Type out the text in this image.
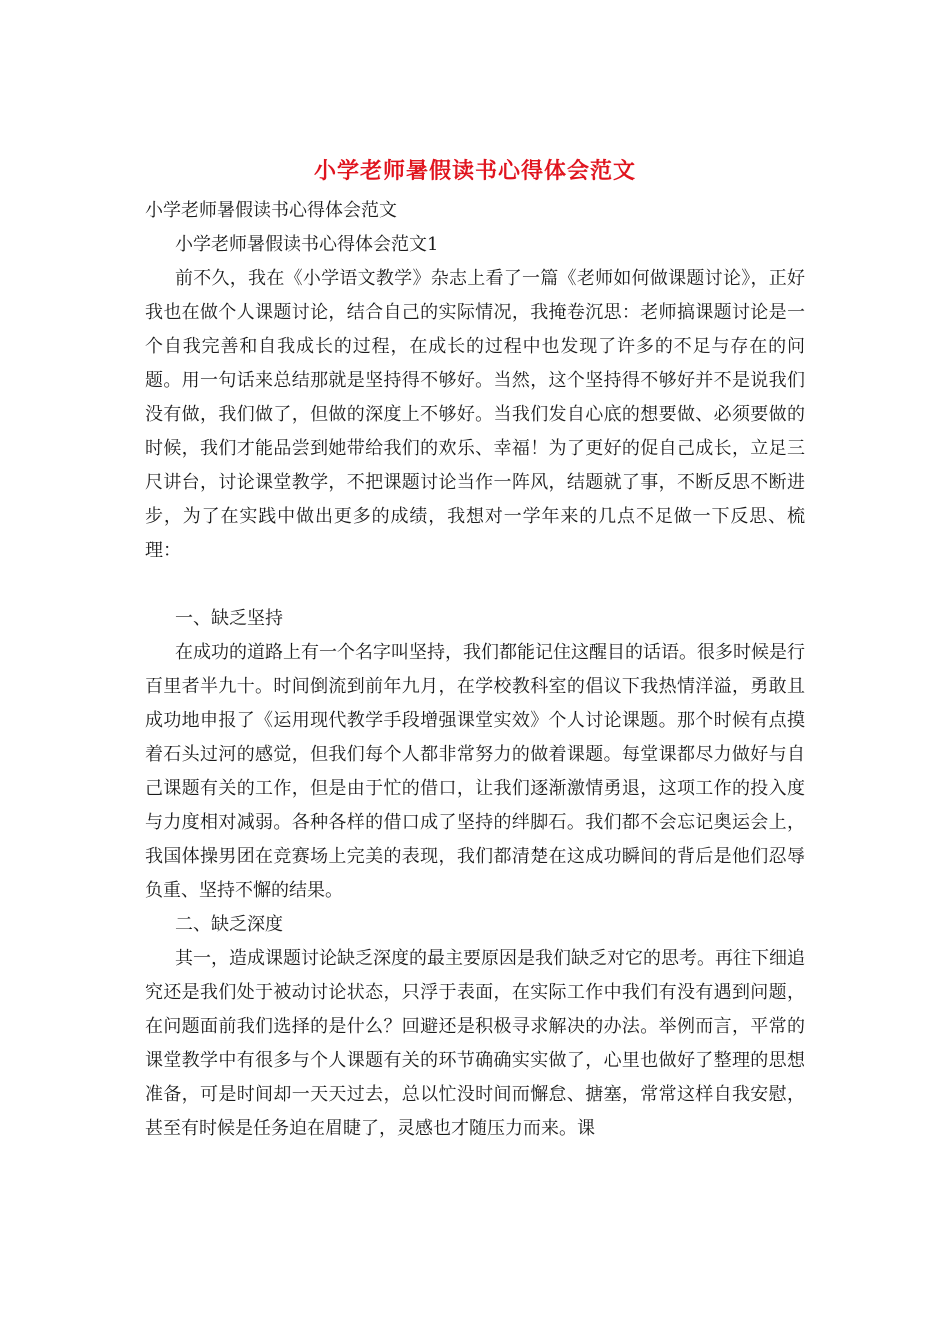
小学老师暑假读书心得体会范文

小学老师暑假读书心得体会范文

小学老师暑假读书心得体会范文1

前不久，我在《小学语文教学》杂志上看了一篇《老师如何做课题讨论》，正好我也在做个人课题讨论，结合自己的实际情况，我掩卷沉思：老师搞课题讨论是一个自我完善和自我成长的过程，在成长的过程中也发现了许多的不足与存在的问题。用一句话来总结那就是坚持得不够好。当然，这个坚持得不够好并不是说我们没有做，我们做了，但做的深度上不够好。当我们发自心底的想要做、必须要做的时候，我们才能品尝到她带给我们的欢乐、幸福！为了更好的促自己成长，立足三尺讲台，讨论课堂教学，不把课题讨论当作一阵风，结题就了事，不断反思不断进步，为了在实践中做出更多的成绩，我想对一学年来的几点不足做一下反思、梳理：

一、缺乏坚持

在成功的道路上有一个名字叫坚持，我们都能记住这醒目的话语。很多时候是行百里者半九十。时间倒流到前年九月，在学校教科室的倡议下我热情洋溢，勇敢且成功地申报了《运用现代教学手段增强课堂实效》个人讨论课题。那个时候有点摸着石头过河的感觉，但我们每个人都非常努力的做着课题。每堂课都尽力做好与自己课题有关的工作，但是由于忙的借口，让我们逐渐激情勇退，这项工作的投入度与力度相对减弱。各种各样的借口成了坚持的绊脚石。我们都不会忘记奥运会上，我国体操男团在竞赛场上完美的表现，我们都清楚在这成功瞬间的背后是他们忍辱负重、坚持不懈的结果。

二、缺乏深度

其一，造成课题讨论缺乏深度的最主要原因是我们缺乏对它的思考。再往下细追究还是我们处于被动讨论状态，只浮于表面，在实际工作中我们有没有遇到问题，在问题面前我们选择的是什么？回避还是积极寻求解决的办法。举例而言，平常的课堂教学中有很多与个人课题有关的环节确确实实做了，心里也做好了整理的思想准备，可是时间却一天天过去，总以忙没时间而懈怠、搪塞，常常这样自我安慰，甚至有时候是任务迫在眉睫了，灵感也才随压力而来。课
